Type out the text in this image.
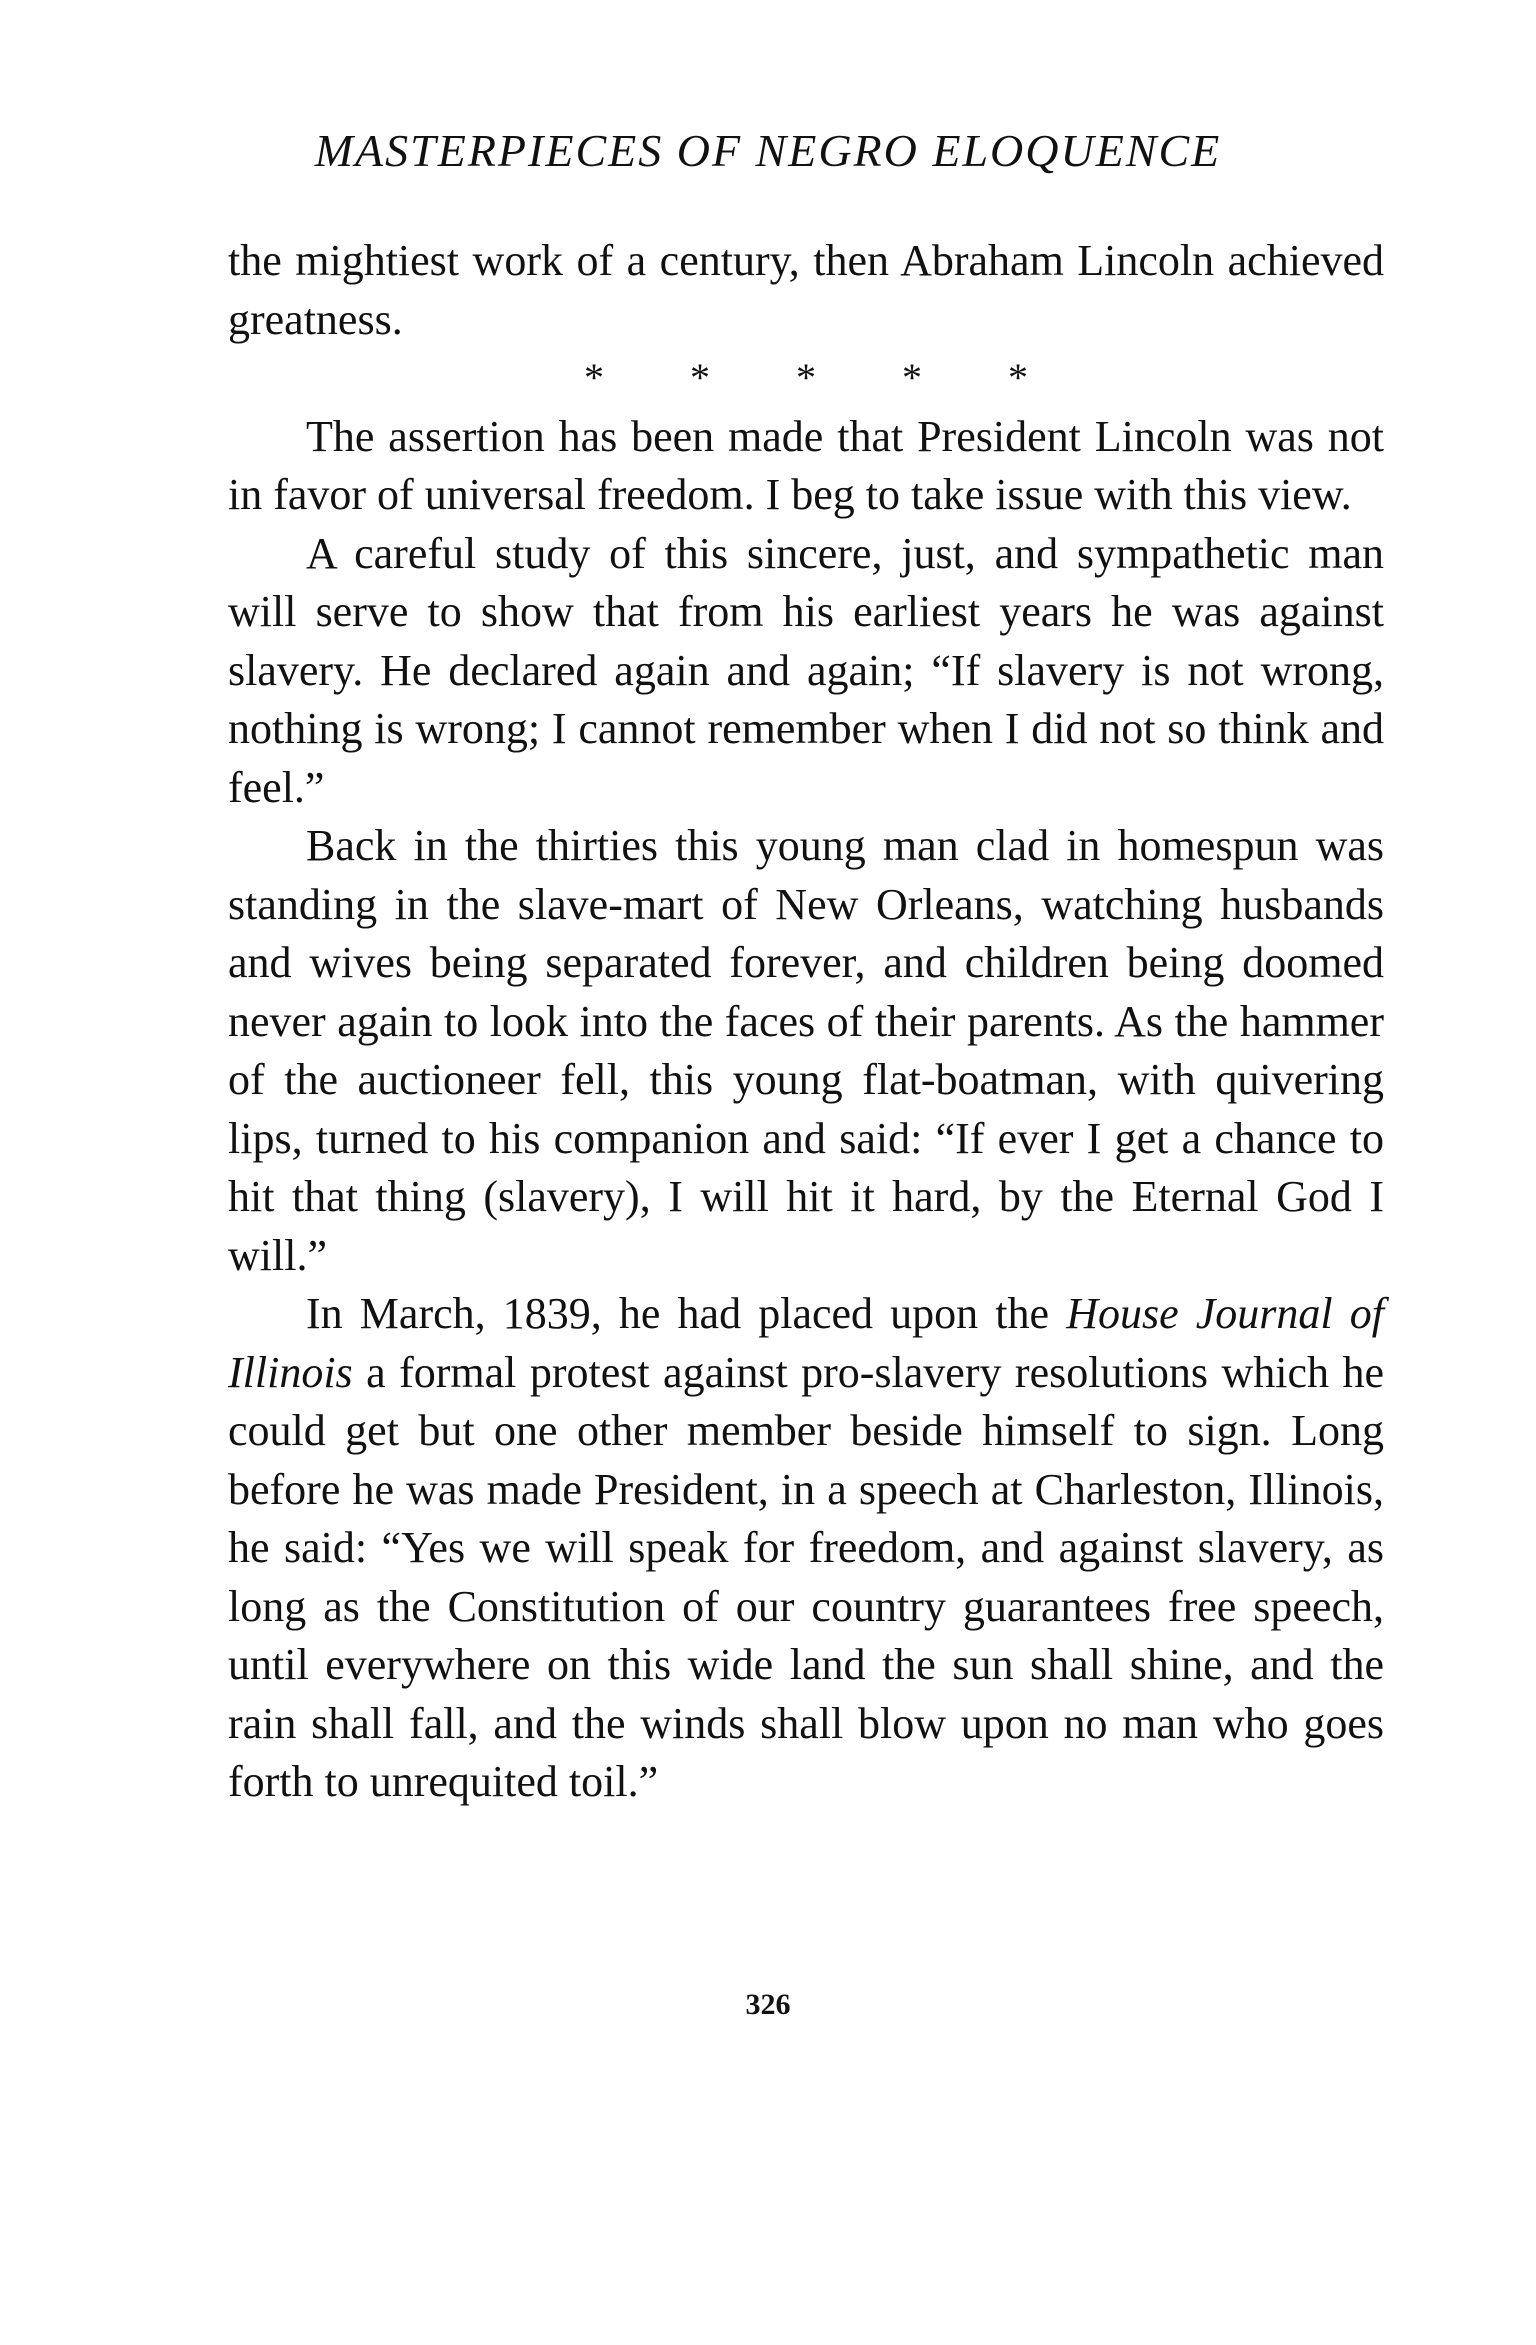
MASTERPIECES OF NEGRO ELOQUENCE

the mightiest work of a century, then Abraham Lincoln achieved greatness.

* * * * *

The assertion has been made that President Lincoln was not in favor of universal freedom. I beg to take issue with this view.

A careful study of this sincere, just, and sympathetic man will serve to show that from his earliest years he was against slavery. He declared again and again; “If slavery is not wrong, nothing is wrong; I cannot remember when I did not so think and feel.”

Back in the thirties this young man clad in homespun was standing in the slave-mart of New Orleans, watching husbands and wives being separated forever, and children being doomed never again to look into the faces of their parents. As the hammer of the auctioneer fell, this young flat-boatman, with quivering lips, turned to his companion and said: “If ever I get a chance to hit that thing (slavery), I will hit it hard, by the Eternal God I will.”

In March, 1839, he had placed upon the House Journal of Illinois a formal protest against pro-slavery resolutions which he could get but one other member beside himself to sign. Long before he was made President, in a speech at Charleston, Illinois, he said: “Yes we will speak for freedom, and against slavery, as long as the Constitution of our country guarantees free speech, until everywhere on this wide land the sun shall shine, and the rain shall fall, and the winds shall blow upon no man who goes forth to unrequited toil.”

326
